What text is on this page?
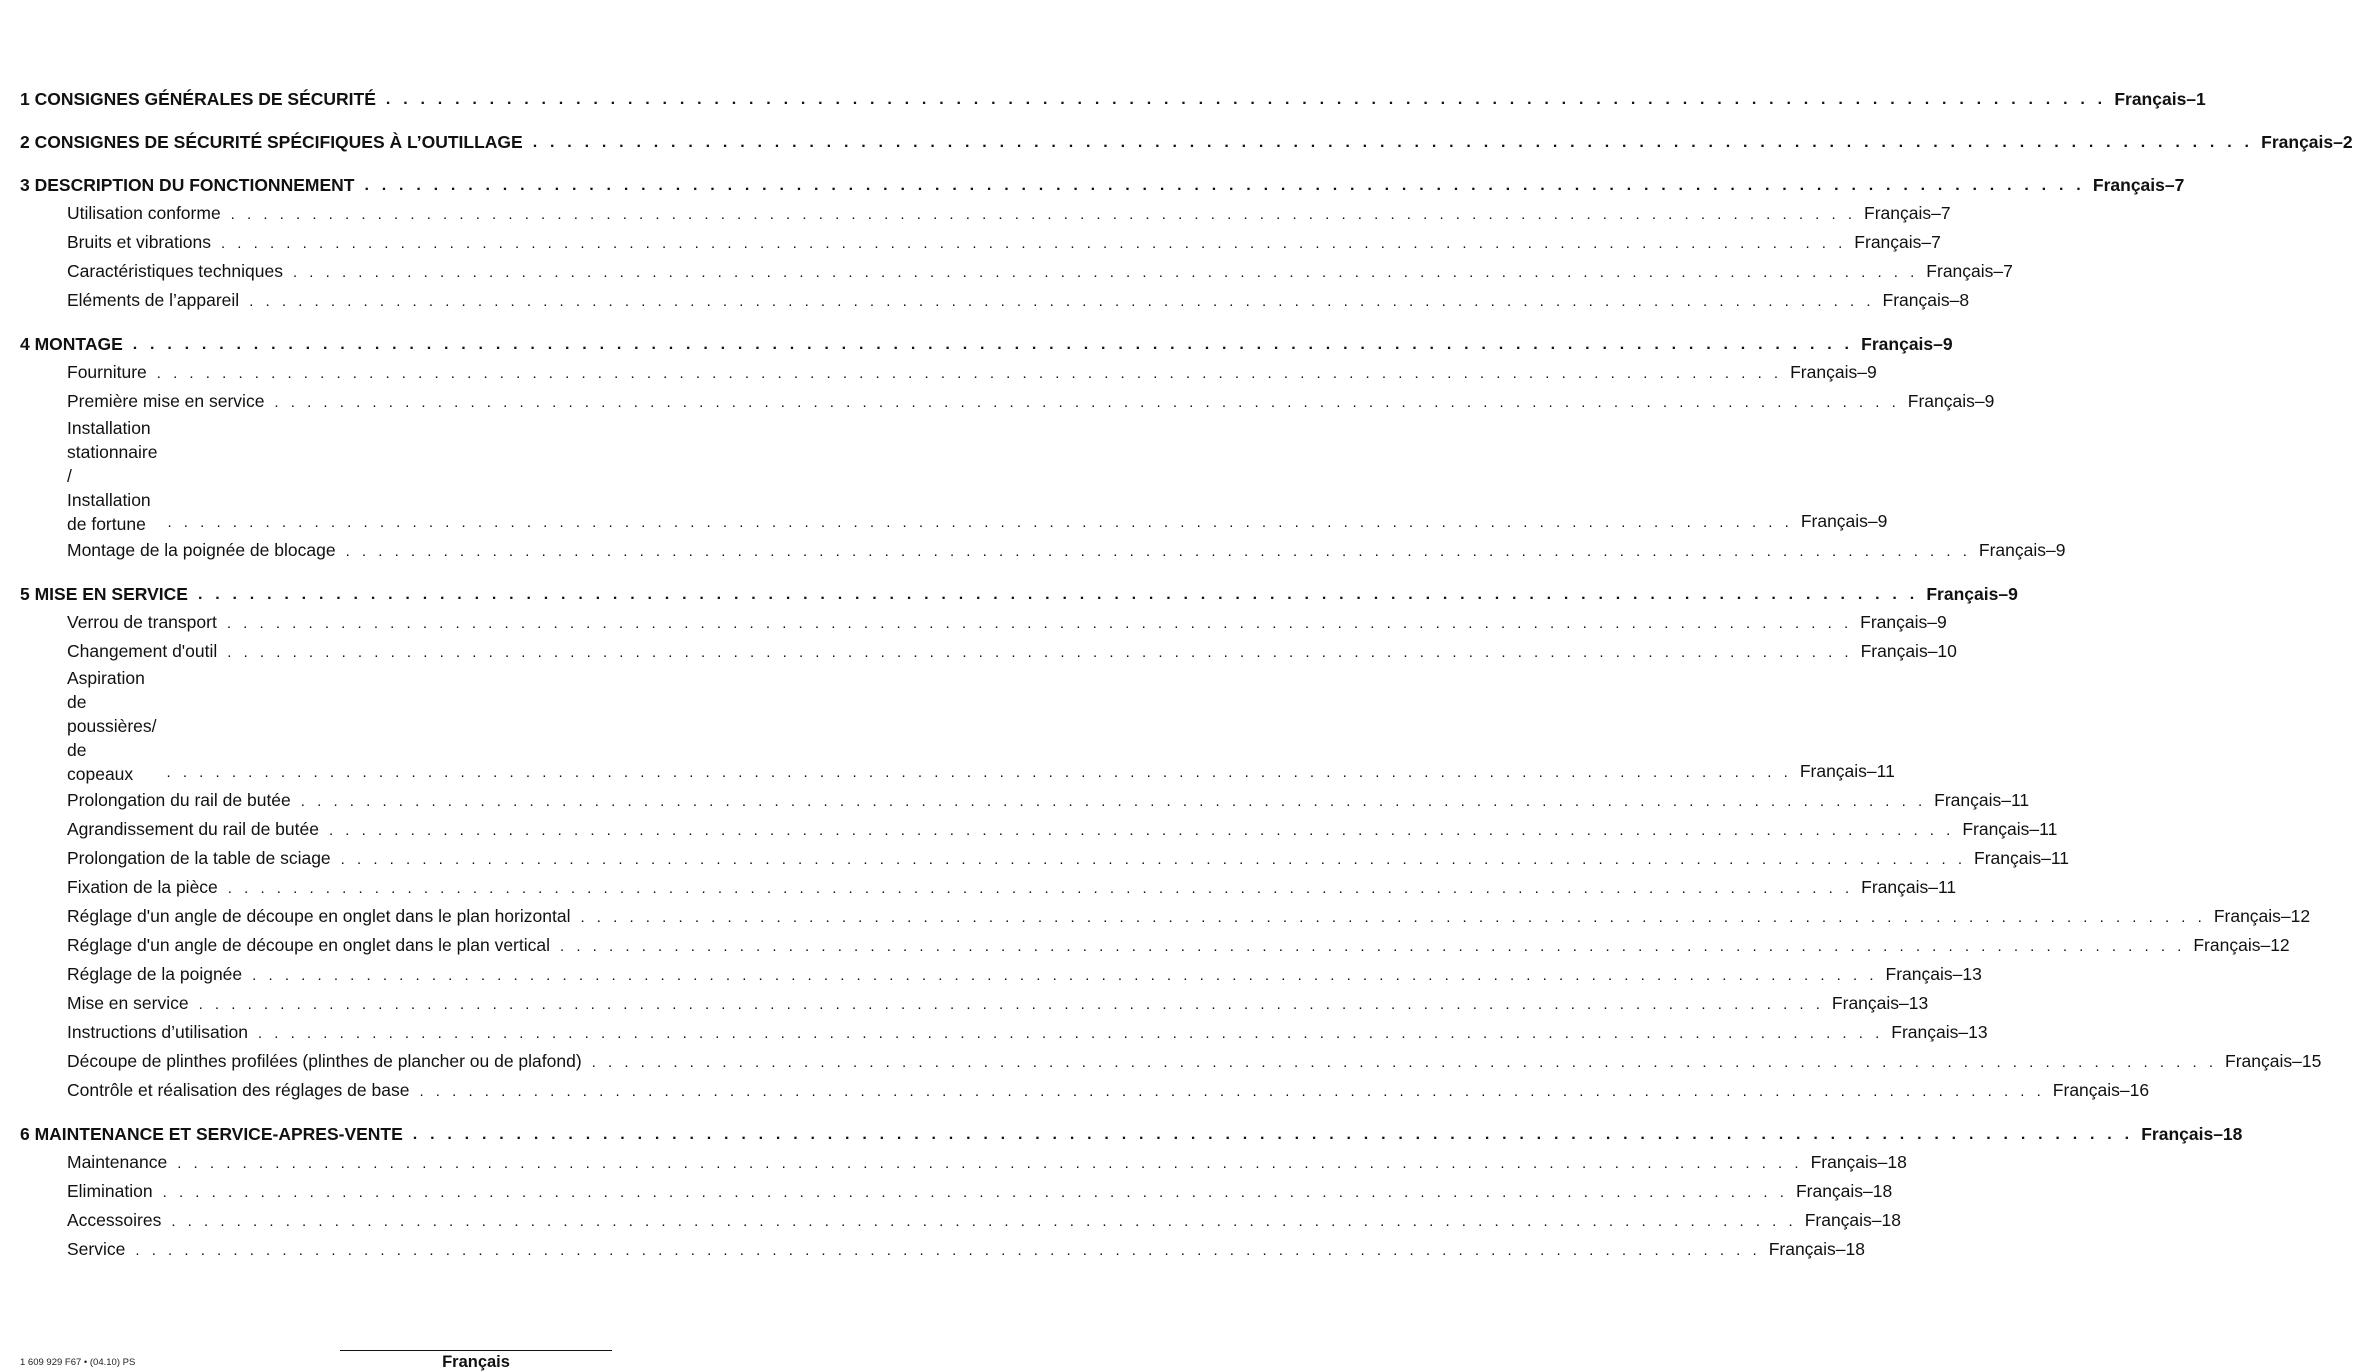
1 CONSIGNES GÉNÉRALES DE SÉCURITÉ . . . . . . . . . . . . . . . . . . . . . . . . . . . . . . . . . . . . . . . . . . . . . . . . . . . . . . . . . . . . . . . . . . . . . . . . . . . . . . . . . . . . . . . . . . . . . . . . . . . . Français–1
2 CONSIGNES DE SÉCURITÉ SPÉCIFIQUES À L’OUTILLAGE . . . . . . . . . . . . . . . . . . . . . . . . . . . . . . . . . . . . . . . . . . . . . . . . . . . . . . . . . . . . . . . . . . . . . . . . . . . . . . . . . . . . . . . . . . . . . . . . . . . . Français–2
3 DESCRIPTION DU FONCTIONNEMENT . . . . . . . . . . . . . . . . . . . . . . . . . . . . . . . . . . . . . . . . . . . . . . . . . . . . . . . . . . . . . . . . . . . . . . . . . . . . . . . . . . . . . . . . . . . . . . . . . . . . Français–7
Utilisation conforme . . . . . . . . . . . . . . . . . . . . . . . . . . . . . . . . . . . . . . . . . . . . . . . . . . . . . . . . . . . . . . . . . . . . . . . . . . . . . . . . . . . . . . . . . . . . . . . . . . . . Français–7
Bruits et vibrations . . . . . . . . . . . . . . . . . . . . . . . . . . . . . . . . . . . . . . . . . . . . . . . . . . . . . . . . . . . . . . . . . . . . . . . . . . . . . . . . . . . . . . . . . . . . . . . . . . . . Français–7
Caractéristiques techniques . . . . . . . . . . . . . . . . . . . . . . . . . . . . . . . . . . . . . . . . . . . . . . . . . . . . . . . . . . . . . . . . . . . . . . . . . . . . . . . . . . . . . . . . . . . . . . . . . . . . Français–7
Eléments de l’appareil . . . . . . . . . . . . . . . . . . . . . . . . . . . . . . . . . . . . . . . . . . . . . . . . . . . . . . . . . . . . . . . . . . . . . . . . . . . . . . . . . . . . . . . . . . . . . . . . . . . . Français–8
4 MONTAGE . . . . . . . . . . . . . . . . . . . . . . . . . . . . . . . . . . . . . . . . . . . . . . . . . . . . . . . . . . . . . . . . . . . . . . . . . . . . . . . . . . . . . . . . . . . . . . . . . . . . Français–9
Fourniture . . . . . . . . . . . . . . . . . . . . . . . . . . . . . . . . . . . . . . . . . . . . . . . . . . . . . . . . . . . . . . . . . . . . . . . . . . . . . . . . . . . . . . . . . . . . . . . . . . . . Français–9
Première mise en service . . . . . . . . . . . . . . . . . . . . . . . . . . . . . . . . . . . . . . . . . . . . . . . . . . . . . . . . . . . . . . . . . . . . . . . . . . . . . . . . . . . . . . . . . . . . . . . . . . . . Français–9
Installation stationnaire /
Installation de fortune	. . . . . . . . . . . . . . . . . . . . . . . . . . . . . . . . . . . . . . . . . . . . . . . . . . . . . . . . . . . . . . . . . . . . . . . . . . . . . . . . . . . . . . . . . . . . . . . . . . . . Français–9
Montage de la poignée de blocage . . . . . . . . . . . . . . . . . . . . . . . . . . . . . . . . . . . . . . . . . . . . . . . . . . . . . . . . . . . . . . . . . . . . . . . . . . . . . . . . . . . . . . . . . . . . . . . . . . . . Français–9
5 MISE EN SERVICE . . . . . . . . . . . . . . . . . . . . . . . . . . . . . . . . . . . . . . . . . . . . . . . . . . . . . . . . . . . . . . . . . . . . . . . . . . . . . . . . . . . . . . . . . . . . . . . . . . . . Français–9
Verrou de transport . . . . . . . . . . . . . . . . . . . . . . . . . . . . . . . . . . . . . . . . . . . . . . . . . . . . . . . . . . . . . . . . . . . . . . . . . . . . . . . . . . . . . . . . . . . . . . . . . . . . Français–9
Changement d'outil . . . . . . . . . . . . . . . . . . . . . . . . . . . . . . . . . . . . . . . . . . . . . . . . . . . . . . . . . . . . . . . . . . . . . . . . . . . . . . . . . . . . . . . . . . . . . . . . . . . . Français–10
Aspiration de poussières/
de copeaux	. . . . . . . . . . . . . . . . . . . . . . . . . . . . . . . . . . . . . . . . . . . . . . . . . . . . . . . . . . . . . . . . . . . . . . . . . . . . . . . . . . . . . . . . . . . . . . . . . . . . Français–11
Prolongation du rail de butée . . . . . . . . . . . . . . . . . . . . . . . . . . . . . . . . . . . . . . . . . . . . . . . . . . . . . . . . . . . . . . . . . . . . . . . . . . . . . . . . . . . . . . . . . . . . . . . . . . . . Français–11
Agrandissement du rail de butée . . . . . . . . . . . . . . . . . . . . . . . . . . . . . . . . . . . . . . . . . . . . . . . . . . . . . . . . . . . . . . . . . . . . . . . . . . . . . . . . . . . . . . . . . . . . . . . . . . . . Français–11
Prolongation de la table de sciage . . . . . . . . . . . . . . . . . . . . . . . . . . . . . . . . . . . . . . . . . . . . . . . . . . . . . . . . . . . . . . . . . . . . . . . . . . . . . . . . . . . . . . . . . . . . . . . . . . . . Français–11
Fixation de la pièce . . . . . . . . . . . . . . . . . . . . . . . . . . . . . . . . . . . . . . . . . . . . . . . . . . . . . . . . . . . . . . . . . . . . . . . . . . . . . . . . . . . . . . . . . . . . . . . . . . . . Français–11
Réglage d'un angle de découpe en onglet dans le plan horizontal . . . . . . . . . . . . . . . . . . . . . . . . . . . . . . . . . . . . . . . . . . . . . . . . . . . . . . . . . . . . . . . . . . . . . . . . . . . . . . . . . . . . . . . . . . . . . . . . . . . . Français–12
Réglage d'un angle de découpe en onglet dans le plan vertical . . . . . . . . . . . . . . . . . . . . . . . . . . . . . . . . . . . . . . . . . . . . . . . . . . . . . . . . . . . . . . . . . . . . . . . . . . . . . . . . . . . . . . . . . . . . . . . . . . . . Français–12
Réglage de la poignée . . . . . . . . . . . . . . . . . . . . . . . . . . . . . . . . . . . . . . . . . . . . . . . . . . . . . . . . . . . . . . . . . . . . . . . . . . . . . . . . . . . . . . . . . . . . . . . . . . . . Français–13
Mise en service . . . . . . . . . . . . . . . . . . . . . . . . . . . . . . . . . . . . . . . . . . . . . . . . . . . . . . . . . . . . . . . . . . . . . . . . . . . . . . . . . . . . . . . . . . . . . . . . . . . . Français–13
Instructions d’utilisation . . . . . . . . . . . . . . . . . . . . . . . . . . . . . . . . . . . . . . . . . . . . . . . . . . . . . . . . . . . . . . . . . . . . . . . . . . . . . . . . . . . . . . . . . . . . . . . . . . . . Français–13
Découpe de plinthes profilées (plinthes de plancher ou de plafond) . . . . . . . . . . . . . . . . . . . . . . . . . . . . . . . . . . . . . . . . . . . . . . . . . . . . . . . . . . . . . . . . . . . . . . . . . . . . . . . . . . . . . . . . . . . . . . . . . . . . Français–15
Contrôle et réalisation des réglages de base . . . . . . . . . . . . . . . . . . . . . . . . . . . . . . . . . . . . . . . . . . . . . . . . . . . . . . . . . . . . . . . . . . . . . . . . . . . . . . . . . . . . . . . . . . . . . . . . . . . . Français–16
6 MAINTENANCE ET SERVICE-APRES-VENTE . . . . . . . . . . . . . . . . . . . . . . . . . . . . . . . . . . . . . . . . . . . . . . . . . . . . . . . . . . . . . . . . . . . . . . . . . . . . . . . . . . . . . . . . . . . . . . . . . . . . Français–18
Maintenance . . . . . . . . . . . . . . . . . . . . . . . . . . . . . . . . . . . . . . . . . . . . . . . . . . . . . . . . . . . . . . . . . . . . . . . . . . . . . . . . . . . . . . . . . . . . . . . . . . . . Français–18
Elimination . . . . . . . . . . . . . . . . . . . . . . . . . . . . . . . . . . . . . . . . . . . . . . . . . . . . . . . . . . . . . . . . . . . . . . . . . . . . . . . . . . . . . . . . . . . . . . . . . . . . Français–18
Accessoires . . . . . . . . . . . . . . . . . . . . . . . . . . . . . . . . . . . . . . . . . . . . . . . . . . . . . . . . . . . . . . . . . . . . . . . . . . . . . . . . . . . . . . . . . . . . . . . . . . . . Français–18
Service . . . . . . . . . . . . . . . . . . . . . . . . . . . . . . . . . . . . . . . . . . . . . . . . . . . . . . . . . . . . . . . . . . . . . . . . . . . . . . . . . . . . . . . . . . . . . . . . . . . . Français–18
1 609 929 F67 • (04.10) PS	Français
